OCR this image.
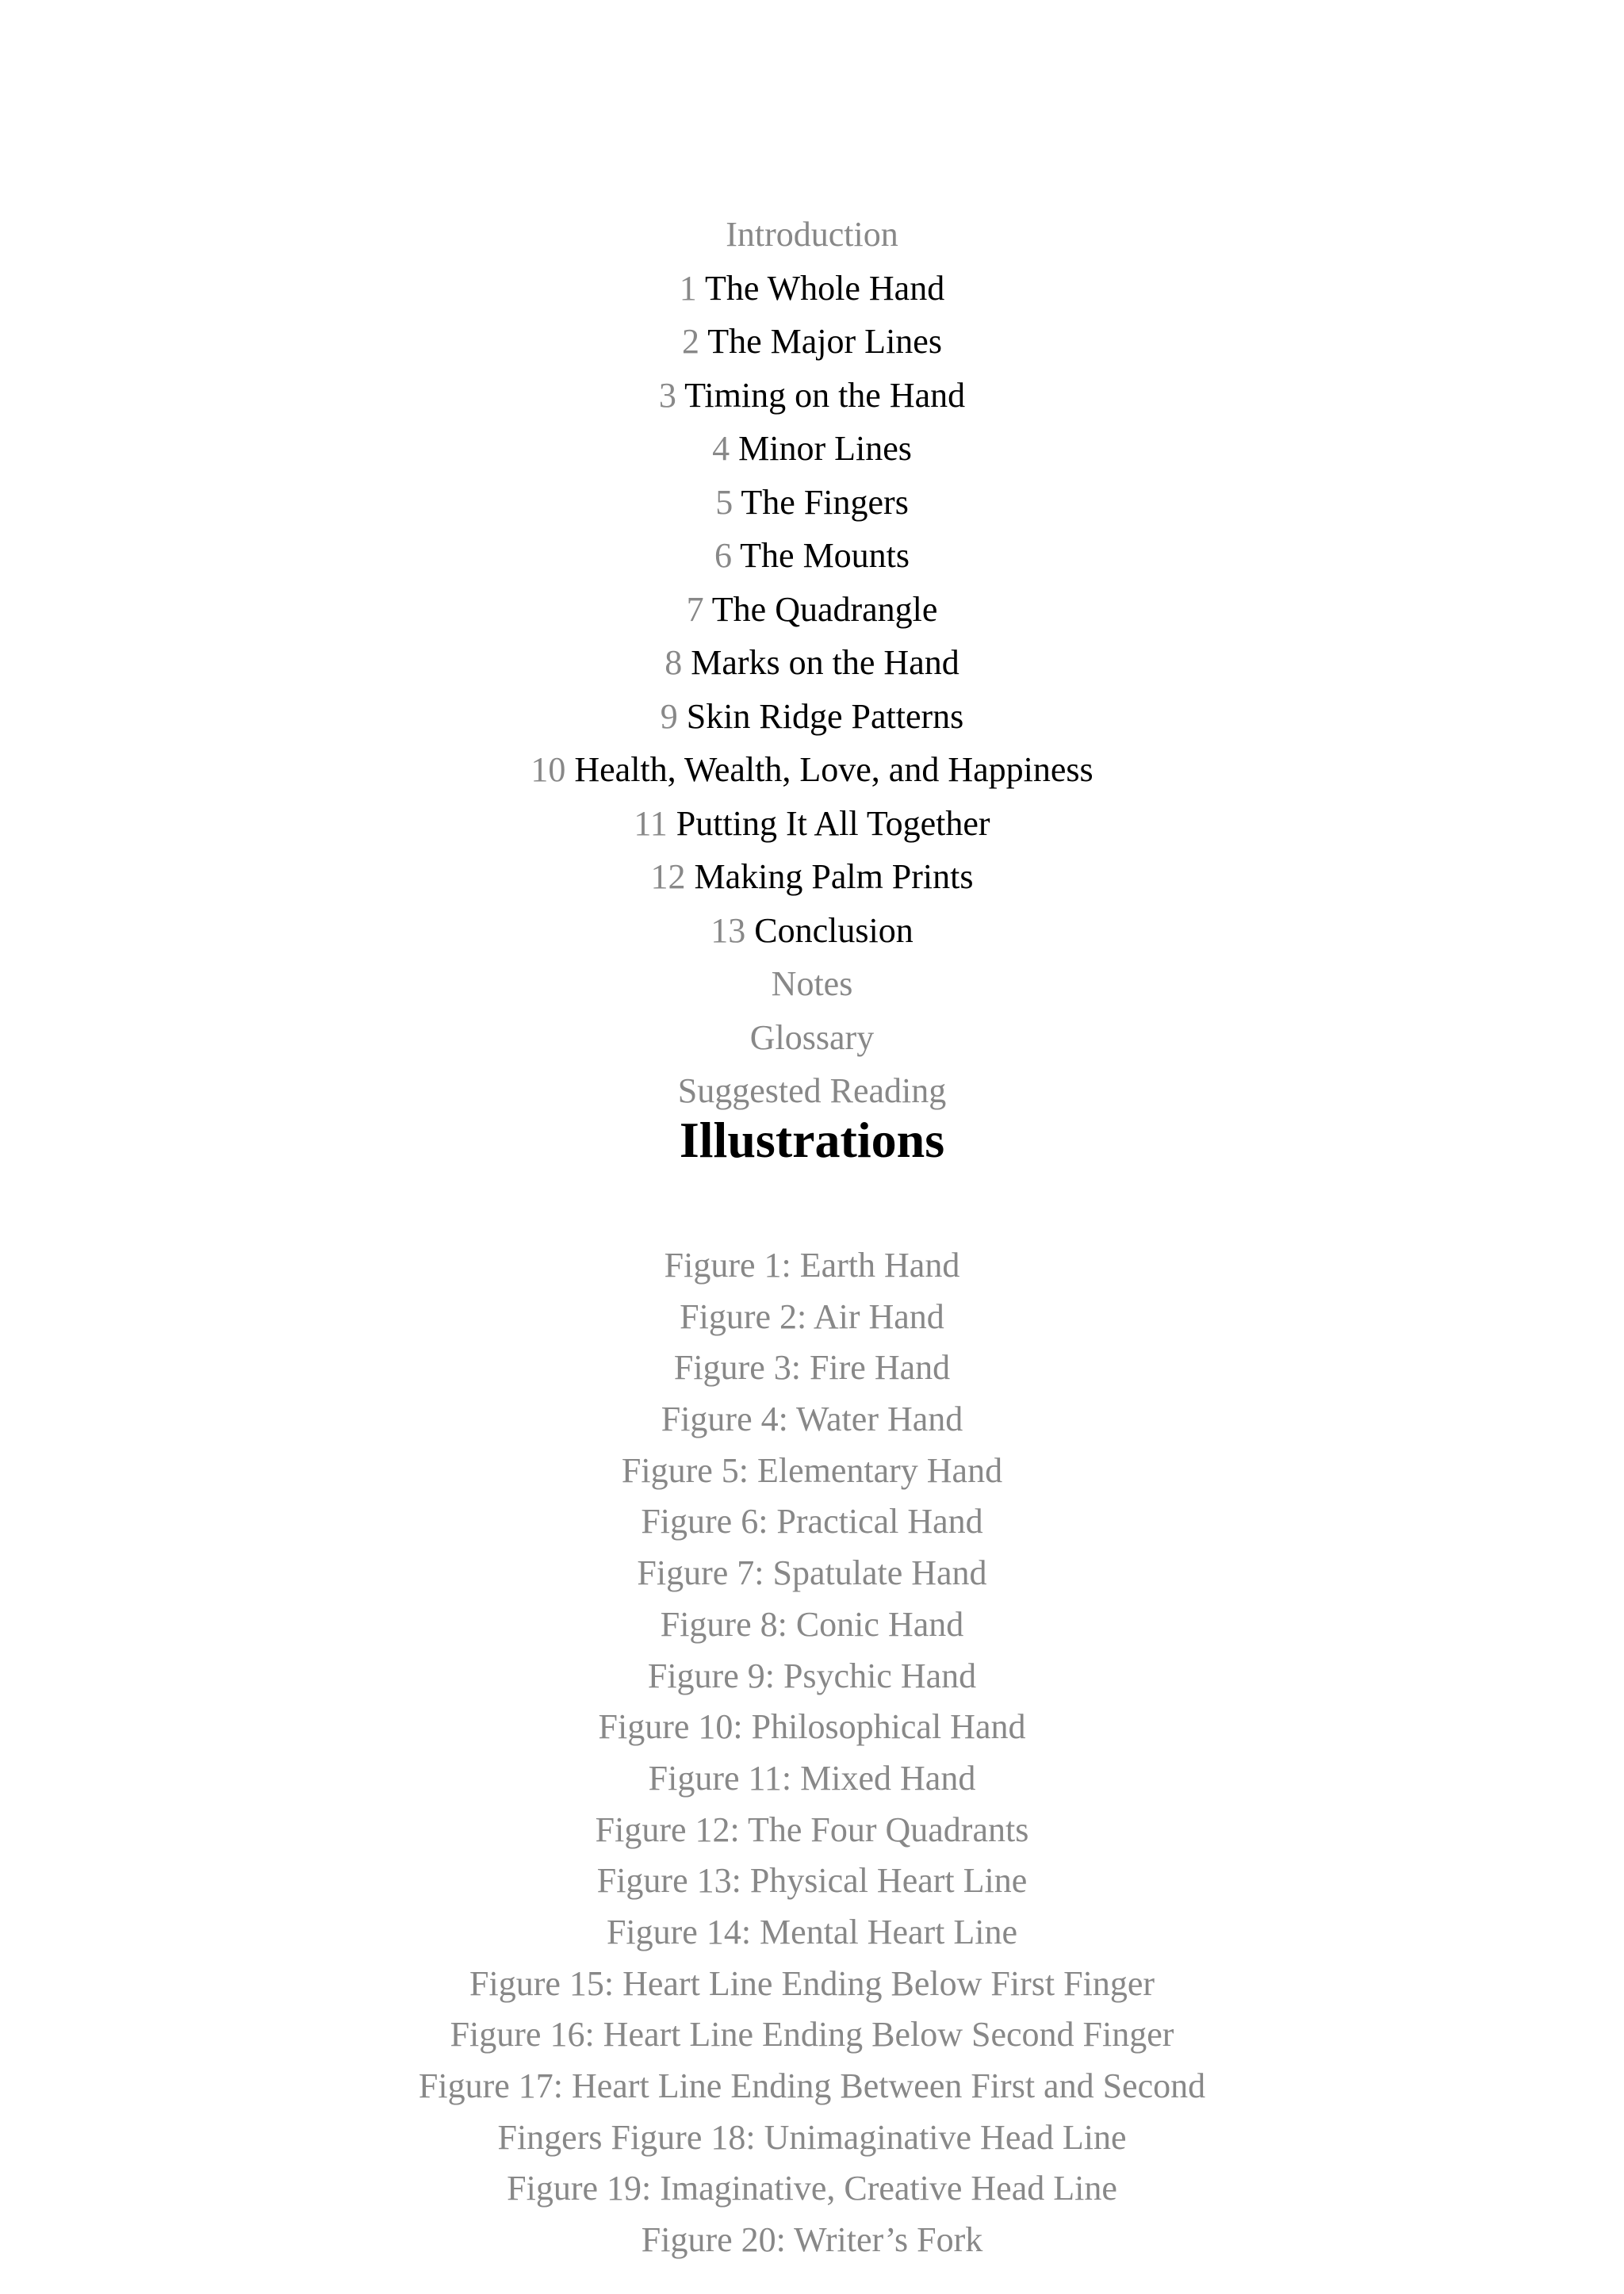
Introduction
1 The Whole Hand
2 The Major Lines
3 Timing on the Hand
4 Minor Lines
5 The Fingers
6 The Mounts
7 The Quadrangle
8 Marks on the Hand
9 Skin Ridge Patterns
10 Health, Wealth, Love, and Happiness
11 Putting It All Together
12 Making Palm Prints
13 Conclusion
Notes
Glossary
Suggested Reading
Illustrations
Figure 1: Earth Hand
Figure 2: Air Hand
Figure 3: Fire Hand
Figure 4: Water Hand
Figure 5: Elementary Hand
Figure 6: Practical Hand
Figure 7: Spatulate Hand
Figure 8: Conic Hand
Figure 9: Psychic Hand
Figure 10: Philosophical Hand
Figure 11: Mixed Hand
Figure 12: The Four Quadrants
Figure 13: Physical Heart Line
Figure 14: Mental Heart Line
Figure 15: Heart Line Ending Below First Finger
Figure 16: Heart Line Ending Below Second Finger
Figure 17: Heart Line Ending Between First and Second
Fingers Figure 18: Unimaginative Head Line
Figure 19: Imaginative, Creative Head Line
Figure 20: Writer’s Fork
